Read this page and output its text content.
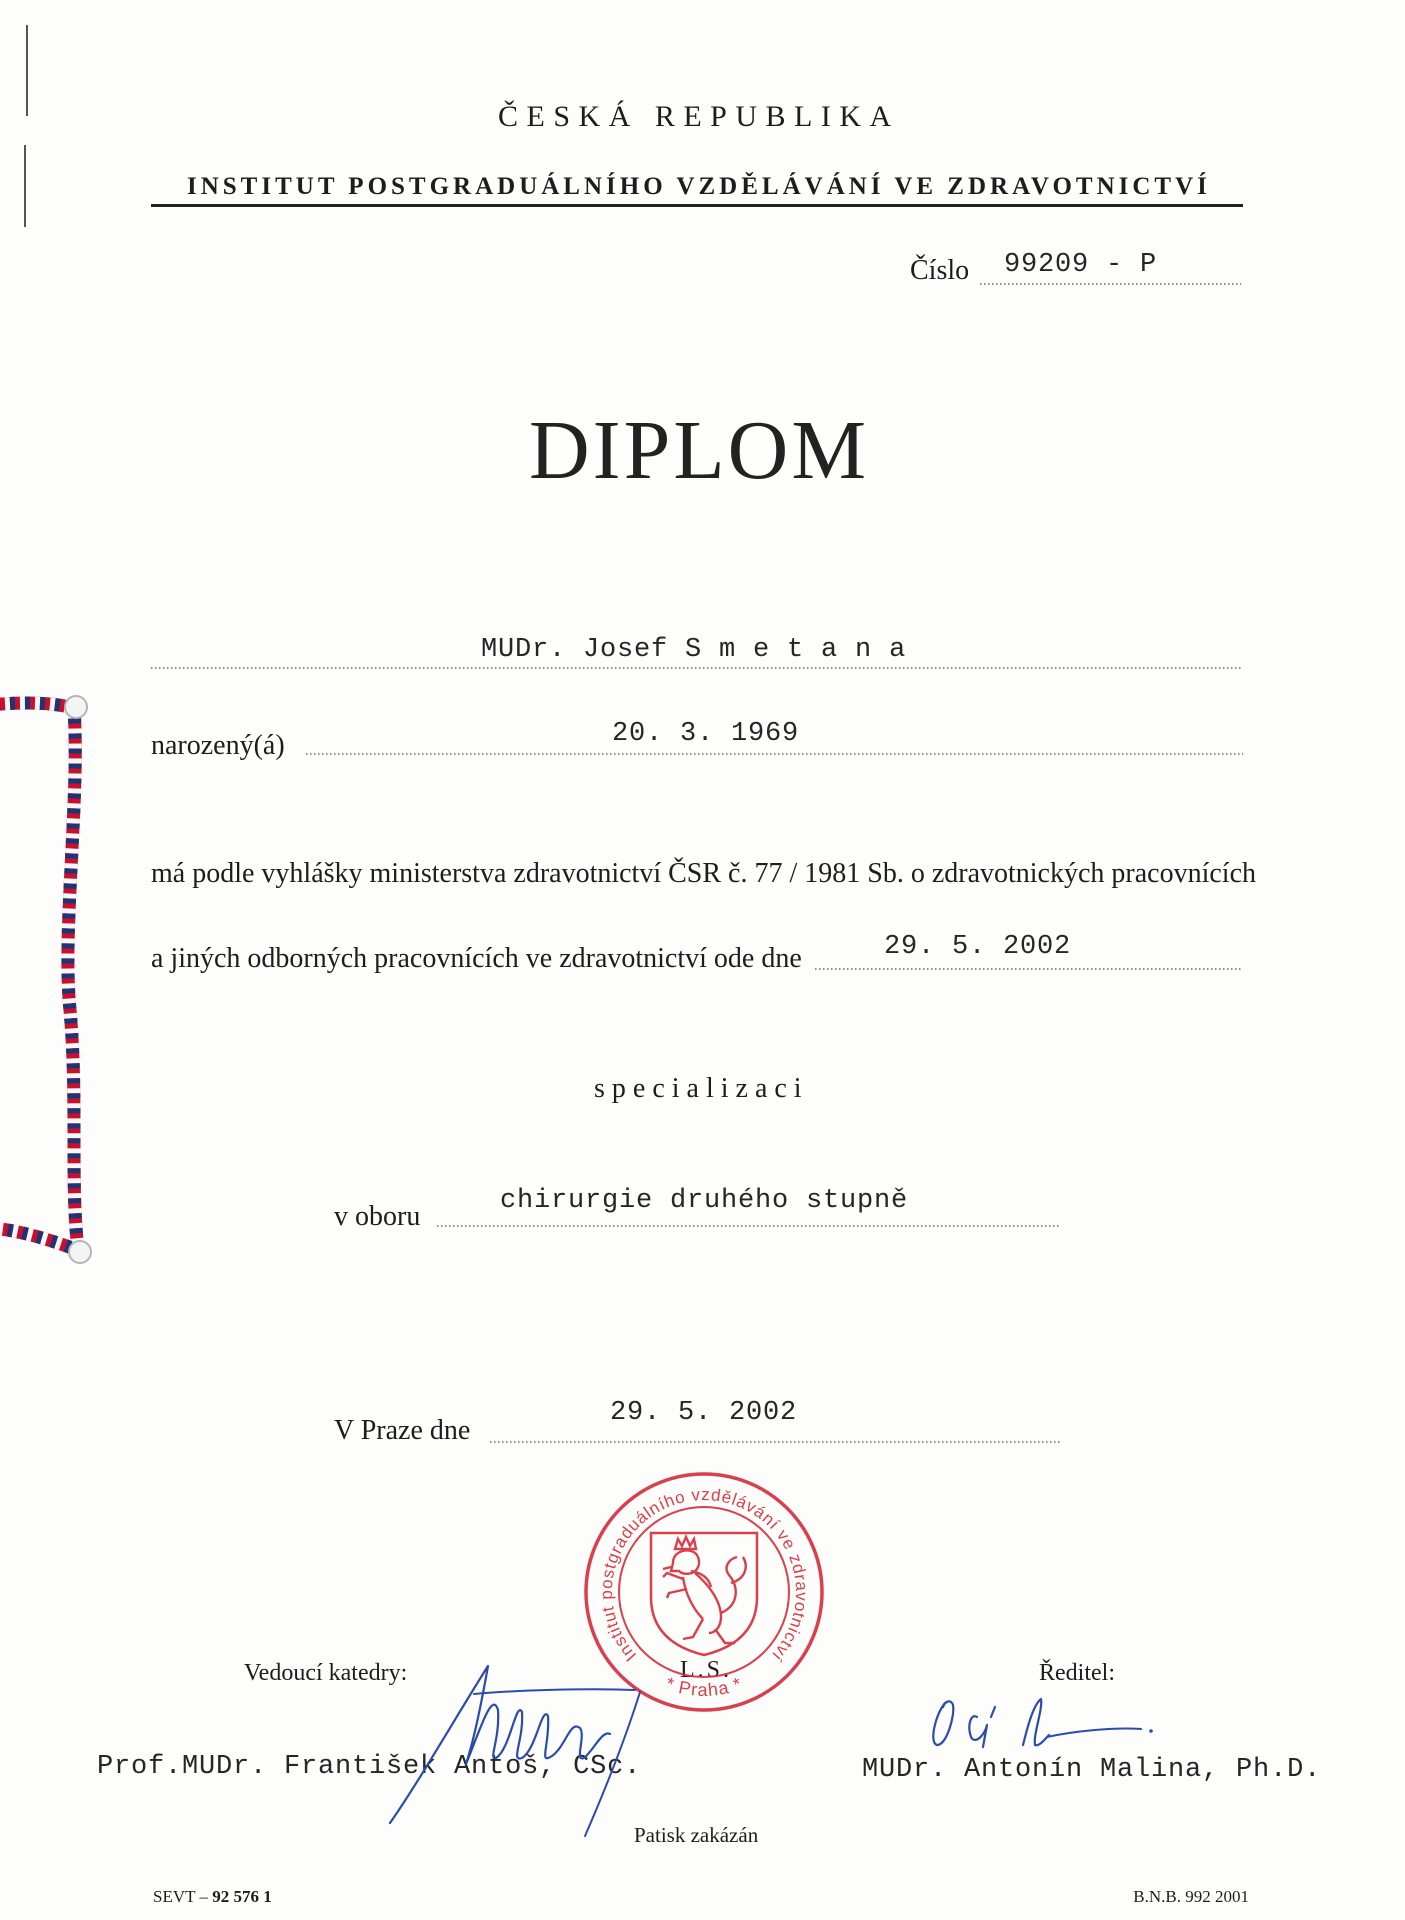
ČESKÁ REPUBLIKA
INSTITUT POSTGRADUÁLNÍHO VZDĚLÁVÁNÍ VE ZDRAVOTNICTVÍ
Číslo 99209 - P
DIPLOM
MUDr. Josef S m e t a n a
narozený(á)	20. 3. 1969
má podle vyhlášky ministerstva zdravotnictví ČSR č. 77 / 1981 Sb. o zdravotnických pracovnících
a jiných odborných pracovnících ve zdravotnictví ode dne	29. 5. 2002
specializaci
v oboru	chirurgie druhého stupně
V Praze dne
29. 5. 2002
Vedoucí katedry:	Ředitel:
L.S.
Prof.MUDr. František Antoš, CSc.	MUDr. Antonín Malina, Ph.D.
Patisk zakázán
SEVT – 92 576 1	B.N.B. 992 2001
Institut postgraduálního vzdělávání ve zdravotnictví
* Praha *
